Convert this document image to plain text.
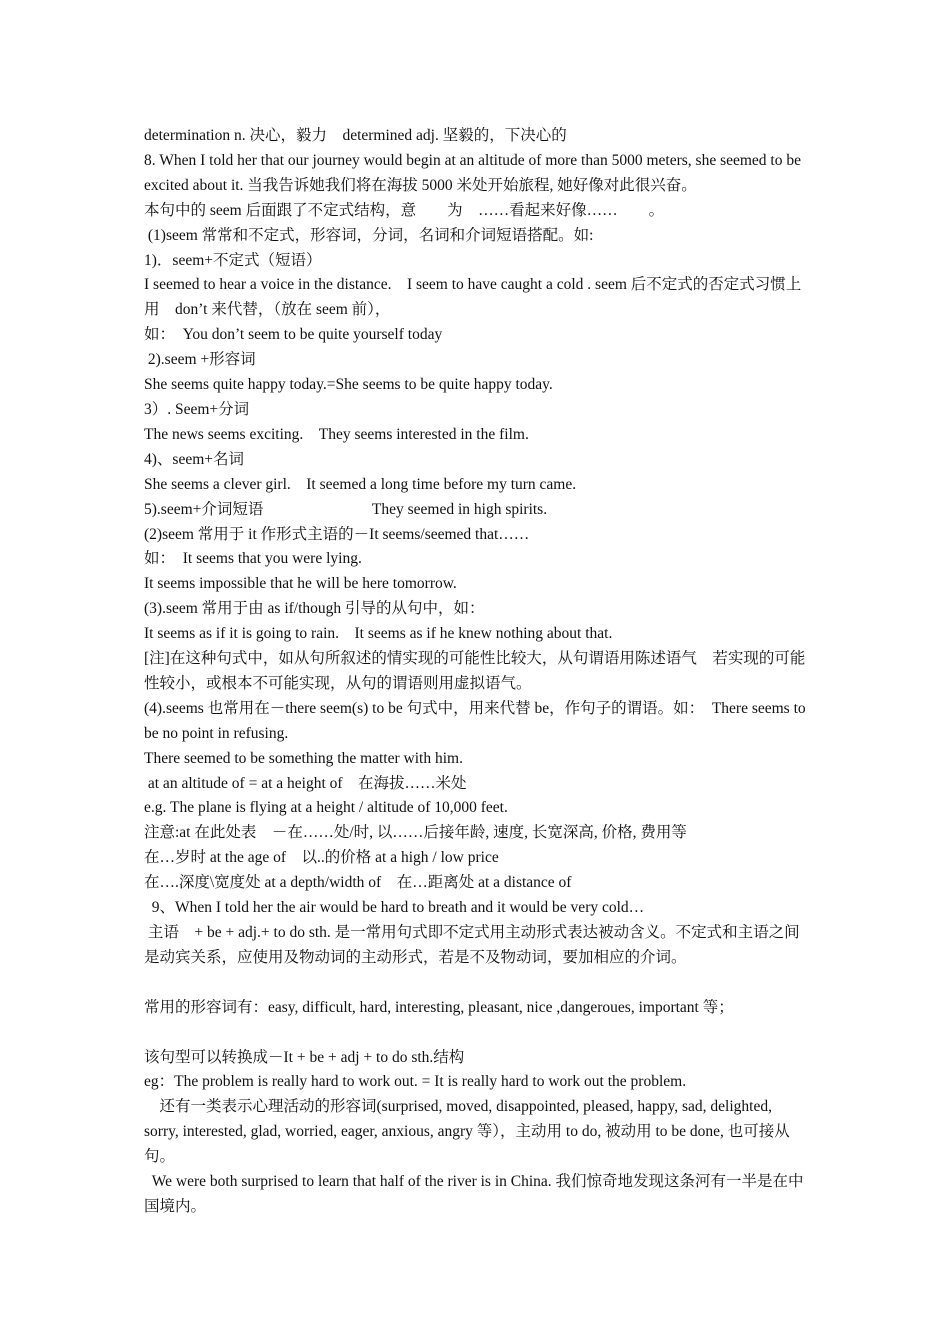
determination n. 决心，毅力　determined adj. 坚毅的，下决心的

8. When I told her that our journey would begin at an altitude of more than 5000 meters, she seemed to be excited about it. 当我告诉她我们将在海拔 5000 米处开始旅程, 她好像对此很兴奋。

本句中的 seem 后面跟了不定式结构，意　　为　……看起来好像……　　。

(1)seem 常常和不定式，形容词，分词，名词和介词短语搭配。如:

1)．seem+不定式（短语）

I seemed to hear a voice in the distance.　I seem to have caught a cold . seem 后不定式的否定式习惯上用　don’t 来代替，（放在 seem 前），

如：　You don’t seem to be quite yourself today

2).seem +形容词

She seems quite happy today.=She seems to be quite happy today.

3）. Seem+分词

The news seems exciting.　They seems interested in the film.

4)、seem+名词

She seems a clever girl.　It seemed a long time before my turn came.

5).seem+介词短语　　　　　　　They seemed in high spirits.

(2)seem 常用于 it 作形式主语的－It seems/seemed that……

如：　It seems that you were lying.

It seems impossible that he will be here tomorrow.

(3).seem 常用于由 as if/though 引导的从句中，如：

It seems as if it is going to rain.　It seems as if he knew nothing about that.

[注]在这种句式中，如从句所叙述的情实现的可能性比较大，从句谓语用陈述语气　若实现的可能性较小，或根本不可能实现，从句的谓语则用虚拟语气。

(4).seems 也常用在－there seem(s) to be 句式中，用来代替 be，作句子的谓语。如：　There seems to be no point in refusing.

There seemed to be something the matter with him.

at an altitude of = at a height of　在海拔……米处

e.g. The plane is flying at a height / altitude of 10,000 feet.

注意:at 在此处表　－在……处/时, 以……后接年龄, 速度, 长宽深高, 价格, 费用等

在…岁时 at the age of　以..的价格 at a high / low price

在….深度\宽度处 at a depth/width of　在…距离处 at a distance of

9、When I told her the air would be hard to breath and it would be very cold…

主语　+ be + adj.+ to do sth. 是一常用句式即不定式用主动形式表达被动含义。不定式和主语之间是动宾关系，应使用及物动词的主动形式，若是不及物动词，要加相应的介词。

常用的形容词有：easy, difficult, hard, interesting, pleasant, nice ,dangeroues, important 等；

该句型可以转换成－It + be + adj + to do sth.结构

eg：The problem is really hard to work out. = It is really hard to work out the problem.

　还有一类表示心理活动的形容词(surprised, moved, disappointed, pleased, happy, sad, delighted, sorry, interested, glad, worried, eager, anxious, angry 等），主动用 to do, 被动用 to be done, 也可接从句。

We were both surprised to learn that half of the river is in China. 我们惊奇地发现这条河有一半是在中国境内。
